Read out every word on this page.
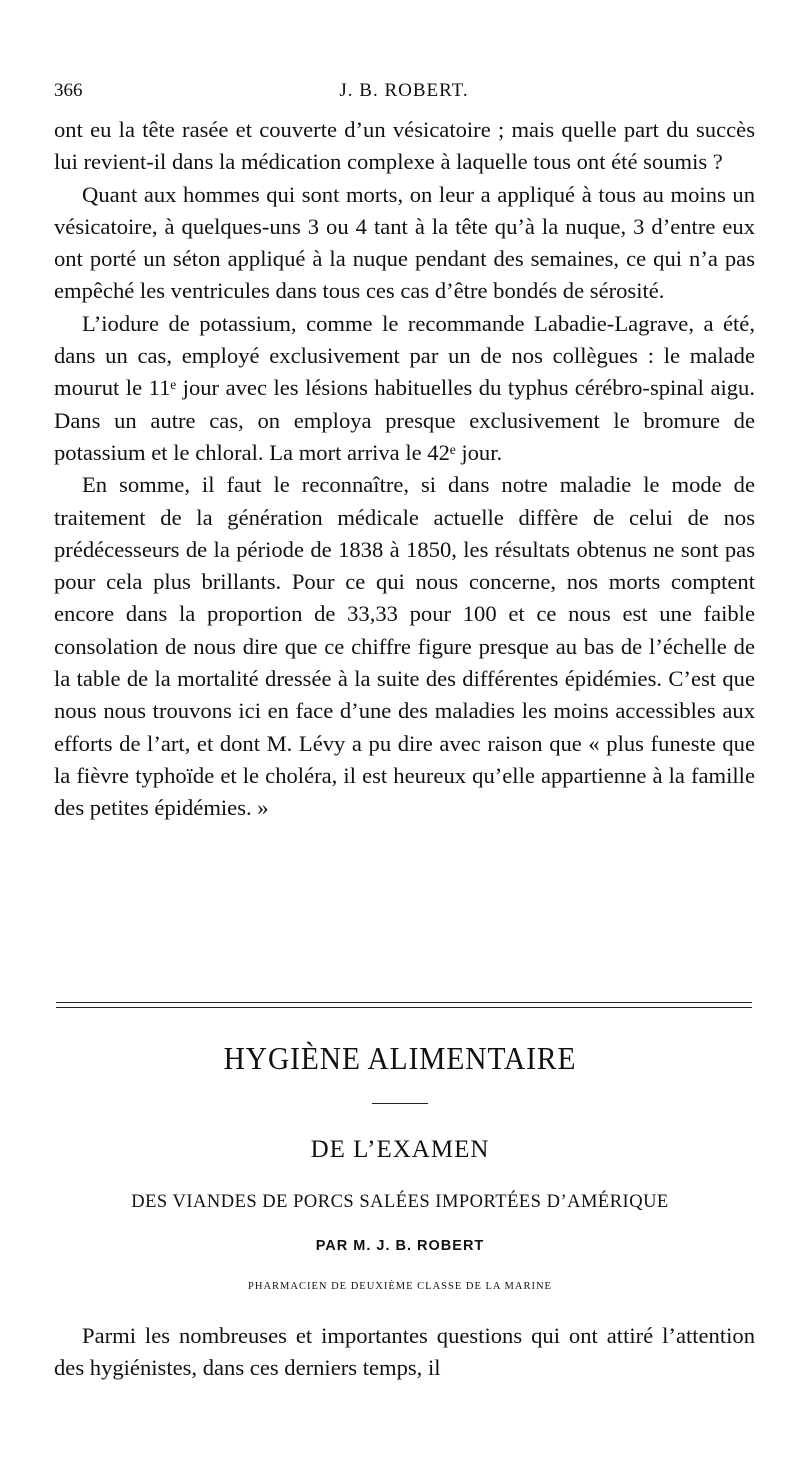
366	J. B. ROBERT.

ont eu la tête rasée et couverte d’un vésicatoire ; mais quelle part du succès lui revient-il dans la médication complexe à laquelle tous ont été soumis ?

Quant aux hommes qui sont morts, on leur a appliqué à tous au moins un vésicatoire, à quelques-uns 3 ou 4 tant à la tête qu’à la nuque, 3 d’entre eux ont porté un séton appliqué à la nuque pendant des semaines, ce qui n’a pas empêché les ventricules dans tous ces cas d’être bondés de sérosité.

L’iodure de potassium, comme le recommande Labadie-Lagrave, a été, dans un cas, employé exclusivement par un de nos collègues : le malade mourut le 11ᵉ jour avec les lésions habituelles du typhus cérébro-spinal aigu. Dans un autre cas, on employa presque exclusivement le bromure de potassium et le chloral. La mort arriva le 42ᵉ jour.

En somme, il faut le reconnaître, si dans notre maladie le mode de traitement de la génération médicale actuelle diffère de celui de nos prédécesseurs de la période de 1838 à 1850, les résultats obtenus ne sont pas pour cela plus brillants. Pour ce qui nous concerne, nos morts comptent encore dans la proportion de 33,33 pour 100 et ce nous est une faible consolation de nous dire que ce chiffre figure presque au bas de l’échelle de la table de la mortalité dressée à la suite des différentes épidémies. C’est que nous nous trouvons ici en face d’une des maladies les moins accessibles aux efforts de l’art, et dont M. Lévy a pu dire avec raison que « plus funeste que la fièvre typhoïde et le choléra, il est heureux qu’elle appartienne à la famille des petites épidémies. »

HYGIÈNE ALIMENTAIRE
DE L’EXAMEN
DES VIANDES DE PORCS SALÉES IMPORTÉES D’AMÉRIQUE
PAR M. J. B. ROBERT
PHARMACIEN DE DEUXIÈME CLASSE DE LA MARINE

Parmi les nombreuses et importantes questions qui ont attiré l’attention des hygiénistes, dans ces derniers temps, il
